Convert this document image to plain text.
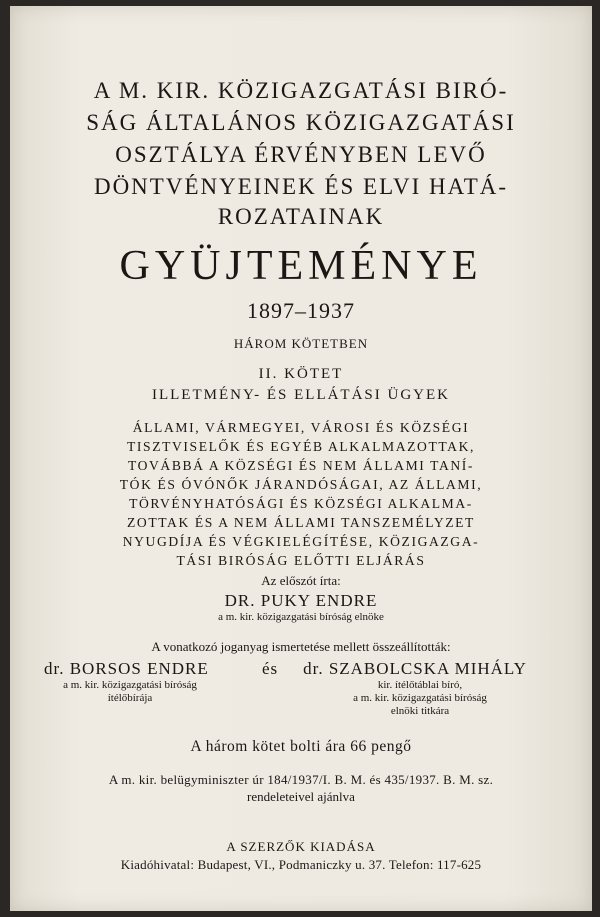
A M. KIR. KÖZIGAZGATÁSI BIRÓ-
SÁG ÁLTALÁNOS KÖZIGAZGATÁSI
OSZTÁLYA ÉRVÉNYBEN LEVŐ
DÖNTVÉNYEINEK ÉS ELVI HATÁ-
ROZATAINAK
GYÜJTEMÉNYE
1897–1937
HÁROM KÖTETBEN
II. KÖTET
ILLETMÉNY- ÉS ELLÁTÁSI ÜGYEK
ÁLLAMI, VÁRMEGYEI, VÁROSI ÉS KÖZSÉGI
TISZTVISELŐK ÉS EGYÉB ALKALMAZOTTAK,
TOVÁBBÁ A KÖZSÉGI ÉS NEM ÁLLAMI TANÍ-
TÓK ÉS ÓVÓNŐK JÁRANDÓSÁGAI, AZ ÁLLAMI,
TÖRVÉNYHATÓSÁGI ÉS KÖZSÉGI ALKALMA-
ZOTTAK ÉS A NEM ÁLLAMI TANSZEMÉLYZET
NYUGDÍJA ÉS VÉGKIELÉGÍTÉSE, KÖZIGAZGA-
TÁSI BIRÓSÁG ELŐTTI ELJÁRÁS
Az előszót írta:
DR. PUKY ENDRE
a m. kir. közigazgatási bíróság elnöke
A vonatkozó joganyag ismertetése mellett összeállították:
dr. BORSOS ENDRE	és	dr. SZABOLCSKA MIHÁLY
a m. kir. közigazgatási bíróság
ítélőbírája
kir. ítélőtáblai bíró,
a m. kir. közigazgatási bíróság
elnöki titkára
A három kötet bolti ára 66 pengő
A m. kir. belügyminiszter úr 184/1937/I. B. M. és 435/1937. B. M. sz.
rendeleteivel ajánlva
A SZERZŐK KIADÁSA
Kiadóhivatal: Budapest, VI., Podmaniczky u. 37. Telefon: 117-625
